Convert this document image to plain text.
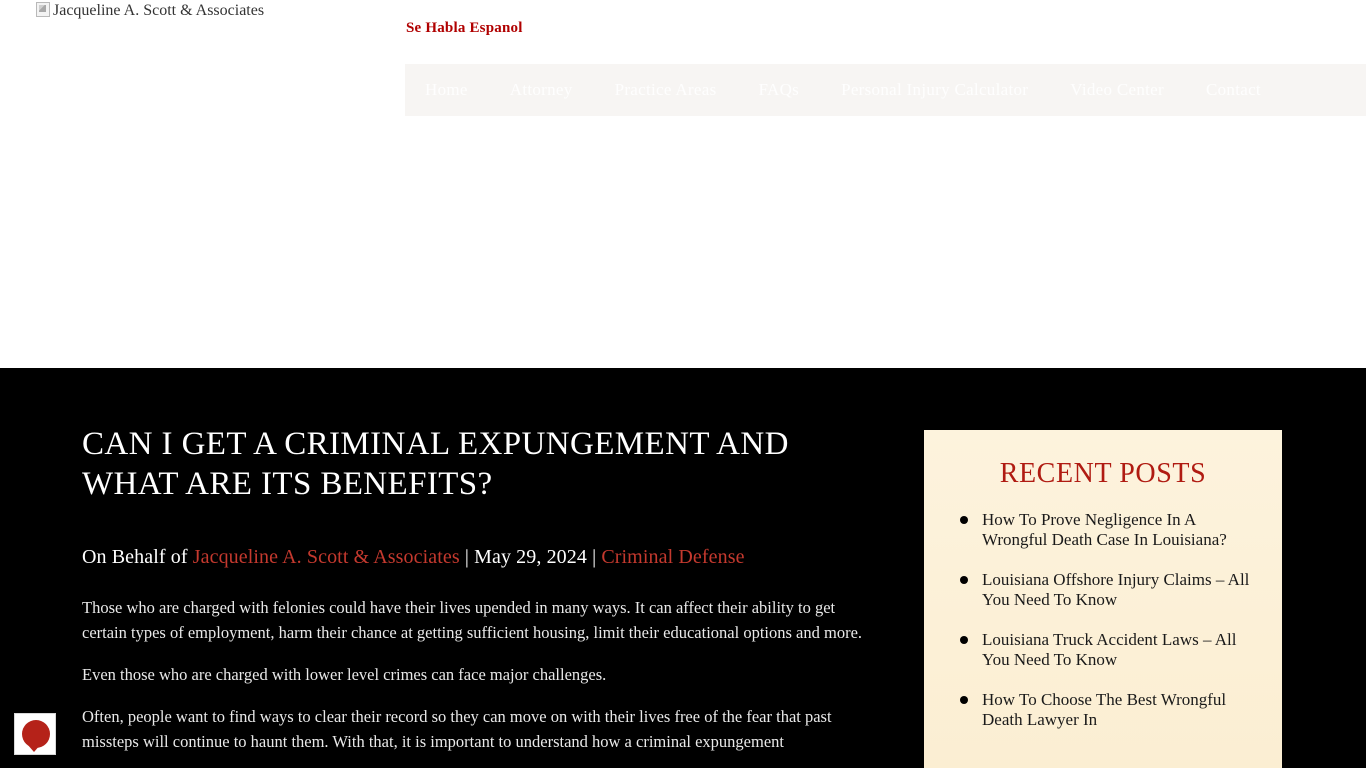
Jacqueline A. Scott & Associates
Se Habla Espanol
Home	Attorney	Practice Areas	FAQs	Personal Injury Calculator	Video Center	Contact
CAN I GET A CRIMINAL EXPUNGEMENT AND WHAT ARE ITS BENEFITS?
On Behalf of Jacqueline A. Scott & Associates | May 29, 2024 | Criminal Defense

Those who are charged with felonies could have their lives upended in many ways. It can affect their ability to get certain types of employment, harm their chance at getting sufficient housing, limit their educational options and more.

Even those who are charged with lower level crimes can face major challenges.

Often, people want to find ways to clear their record so they can move on with their lives free of the fear that past missteps will continue to haunt them. With that, it is important to understand how a criminal expungement

RECENT POSTS
How To Prove Negligence In A Wrongful Death Case In Louisiana?
Louisiana Offshore Injury Claims – All You Need To Know
Louisiana Truck Accident Laws – All You Need To Know
How To Choose The Best Wrongful Death Lawyer In
